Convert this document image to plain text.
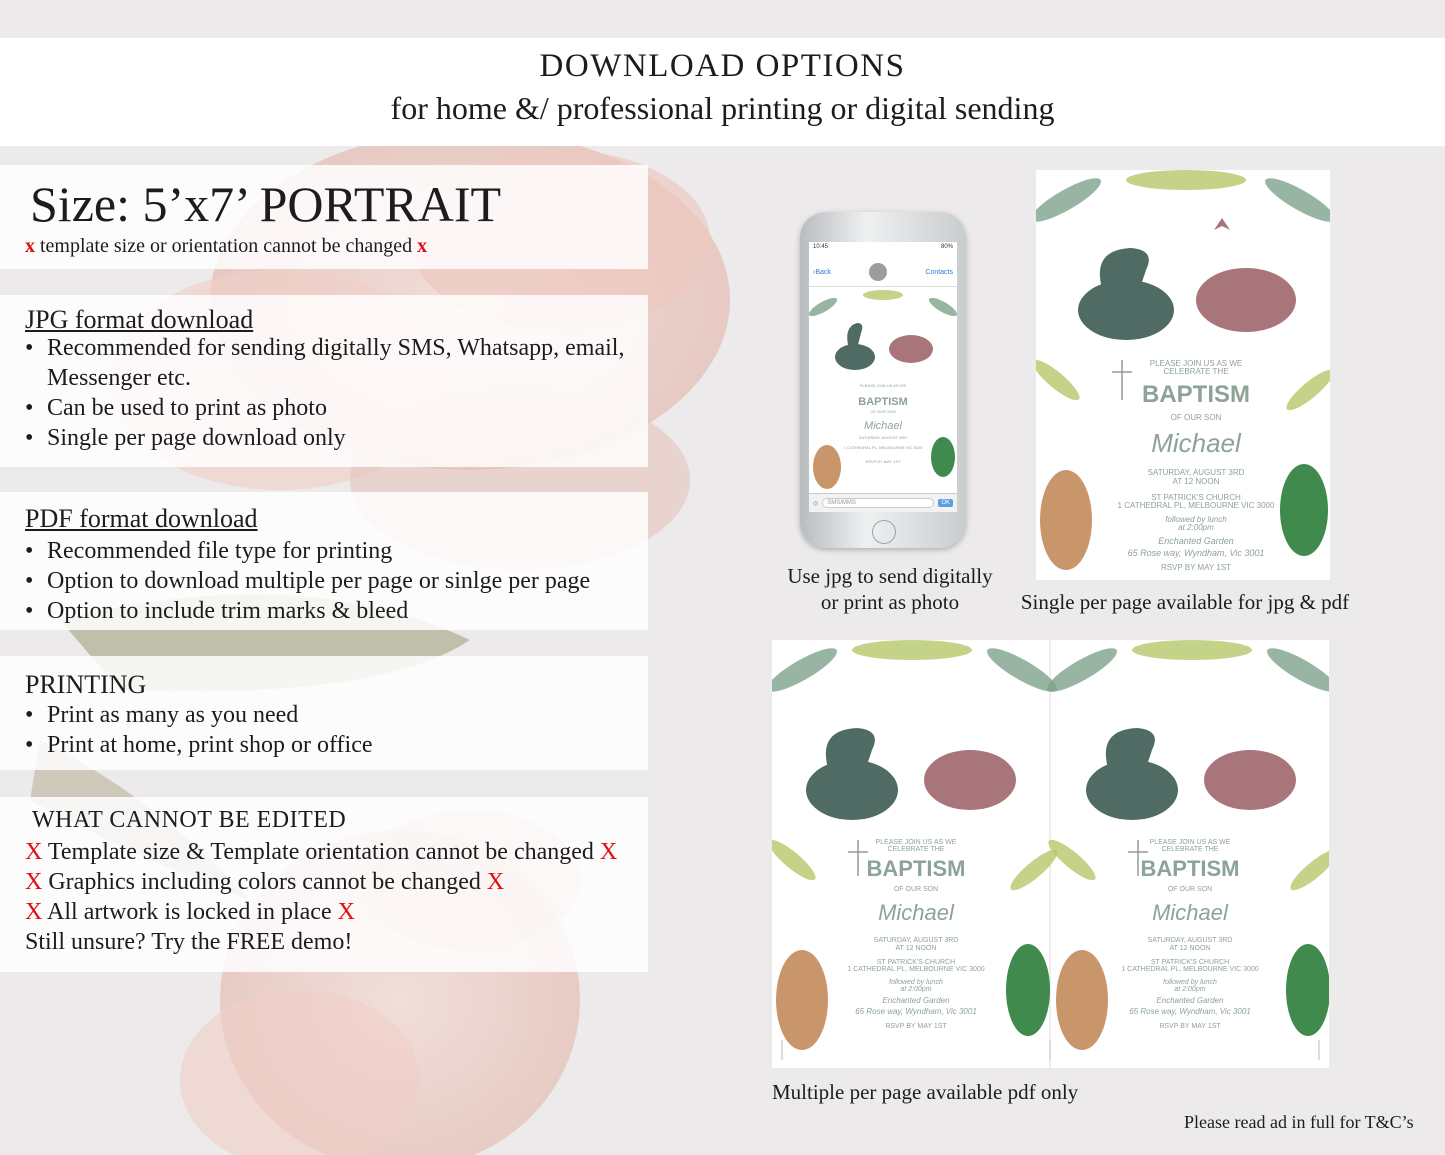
DOWNLOAD OPTIONS
for home &/ professional printing or digital sending
Size: 5’x7’ PORTRAIT
x template size or orientation cannot be changed x
JPG format download
• Recommended for sending digitally SMS, Whatsapp, email,
Messenger etc.
• Can be used to print as photo
• Single per page download only
PDF format download
• Recommended file type for printing
• Option to download multiple per page or sinlge per page
• Option to include trim marks & bleed
PRINTING
• Print as many as you need
• Print at home, print shop or office
WHAT CANNOT BE EDITED
X Template size & Template orientation cannot be changed X
X Graphics including colors cannot be changed X
X All artwork is locked in place X
Still unsure? Try the FREE demo!
10:45	80%
‹Back	Contacts
PLEASE JOIN US AS WE
BAPTISM
OF OUR SON
Michael
SATURDAY, AUGUST 3RD
1 CATHEDRAL PL, MELBOURNE VIC 3000
RSVP BY MAY 1ST
◎	SMS/MMS	OK
Use jpg to send digitally
or print as photo
PLEASE JOIN US AS WE
CELEBRATE THE
BAPTISM
OF OUR SON
Michael
SATURDAY, AUGUST 3RD
AT 12 NOON
ST PATRICK'S CHURCH
1 CATHEDRAL PL, MELBOURNE VIC 3000
followed by lunch
at 2:00pm
Enchanted Garden
65 Rose way, Wyndham, Vic 3001
RSVP BY MAY 1ST
Single per page available for jpg & pdf
PLEASE JOIN US AS WE
CELEBRATE THE
BAPTISM
OF OUR SON
Michael
SATURDAY, AUGUST 3RD
AT 12 NOON
ST PATRICK'S CHURCH
1 CATHEDRAL PL, MELBOURNE VIC 3000
followed by lunch
at 2:00pm
Enchanted Garden
65 Rose way, Wyndham, Vic 3001
RSVP BY MAY 1ST
PLEASE JOIN US AS WE
CELEBRATE THE
BAPTISM
OF OUR SON
Michael
SATURDAY, AUGUST 3RD
AT 12 NOON
ST PATRICK'S CHURCH
1 CATHEDRAL PL, MELBOURNE VIC 3000
followed by lunch
at 2:00pm
Enchanted Garden
65 Rose way, Wyndham, Vic 3001
RSVP BY MAY 1ST
Multiple per page available pdf only
Please read ad in full for T&C’s
